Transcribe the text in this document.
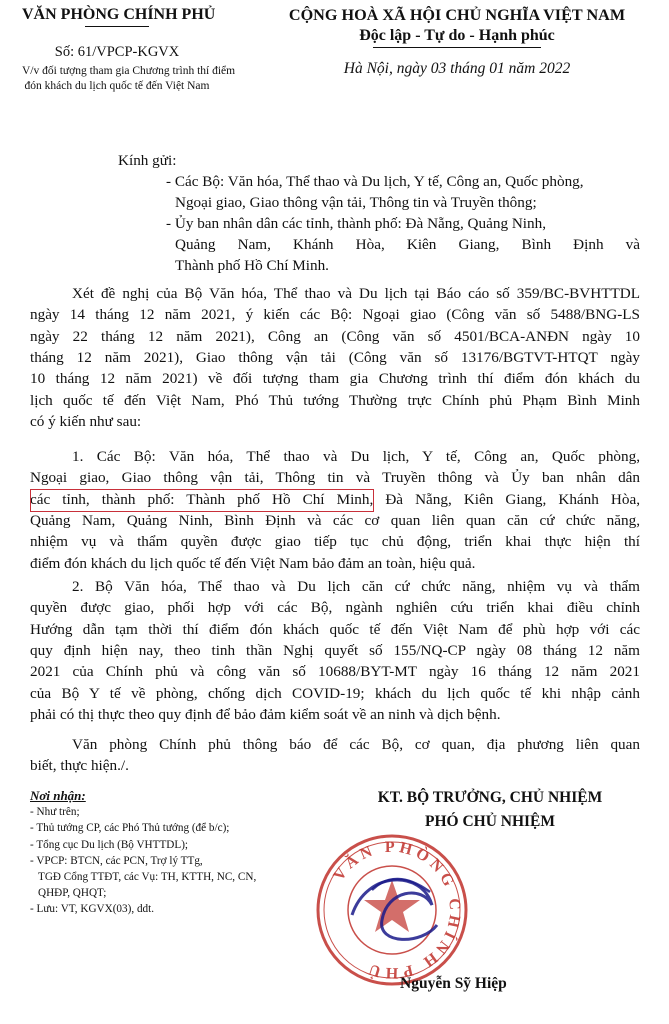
VĂN PHÒNG CHÍNH PHỦ
Số: 61/VPCP-KGVX
V/v đối tượng tham gia Chương trình thí điểm
đón khách du lịch quốc tế đến Việt Nam
CỘNG HOÀ XÃ HỘI CHỦ NGHĨA VIỆT NAM
Độc lập - Tự do - Hạnh phúc
Hà Nội, ngày 03 tháng 01 năm 2022
Kính gửi:
- Các Bộ: Văn hóa, Thể thao và Du lịch, Y tế, Công an, Quốc phòng,
Ngoại giao, Giao thông vận tải, Thông tin và Truyền thông;
- Ủy ban nhân dân các tỉnh, thành phố: Đà Nẵng, Quảng Ninh,
Quảng Nam, Khánh Hòa, Kiên Giang, Bình Định và
Thành phố Hồ Chí Minh.
Xét đề nghị của Bộ Văn hóa, Thể thao và Du lịch tại Báo cáo số 359/BC-BVHTTDL
ngày 14 tháng 12 năm 2021, ý kiến các Bộ: Ngoại giao (Công văn số 5488/BNG-LS
ngày 22 tháng 12 năm 2021), Công an (Công văn số 4501/BCA-ANĐN ngày 10
tháng 12 năm 2021), Giao thông vận tải (Công văn số 13176/BGTVT-HTQT ngày
10 tháng 12 năm 2021) về đối tượng tham gia Chương trình thí điểm đón khách du
lịch quốc tế đến Việt Nam, Phó Thủ tướng Thường trực Chính phủ Phạm Bình Minh
có ý kiến như sau:
1. Các Bộ: Văn hóa, Thể thao và Du lịch, Y tế, Công an, Quốc phòng,
Ngoại giao, Giao thông vận tải, Thông tin và Truyền thông và Ủy ban nhân dân
các tỉnh, thành phố: Thành phố Hồ Chí Minh, Đà Nẵng, Kiên Giang, Khánh Hòa,
Quảng Nam, Quảng Ninh, Bình Định và các cơ quan liên quan căn cứ chức năng,
nhiệm vụ và thẩm quyền được giao tiếp tục chủ động, triển khai thực hiện thí
điểm đón khách du lịch quốc tế đến Việt Nam bảo đảm an toàn, hiệu quả.
2. Bộ Văn hóa, Thể thao và Du lịch căn cứ chức năng, nhiệm vụ và thẩm
quyền được giao, phối hợp với các Bộ, ngành nghiên cứu triển khai điều chỉnh
Hướng dẫn tạm thời thí điểm đón khách quốc tế đến Việt Nam để phù hợp với các
quy định hiện nay, theo tinh thần Nghị quyết số 155/NQ-CP ngày 08 tháng 12 năm
2021 của Chính phủ và công văn số 10688/BYT-MT ngày 16 tháng 12 năm 2021
của Bộ Y tế về phòng, chống dịch COVID-19; khách du lịch quốc tế khi nhập cảnh
phải có thị thực theo quy định để bảo đảm kiểm soát về an ninh và dịch bệnh.
Văn phòng Chính phủ thông báo để các Bộ, cơ quan, địa phương liên quan
biết, thực hiện./.
Nơi nhận:
- Như trên;
- Thủ tướng CP, các Phó Thủ tướng (để b/c);
- Tổng cục Du lịch (Bộ VHTTDL);
- VPCP: BTCN, các PCN, Trợ lý TTg,
TGĐ Cổng TTĐT, các Vụ: TH, KTTH, NC, CN,
QHĐP, QHQT;
- Lưu: VT, KGVX(03), ddt.
KT. BỘ TRƯỞNG, CHỦ NHIỆM
PHÓ CHỦ NHIỆM
VĂN PHÒNG CHÍNH PHỦ
Nguyễn Sỹ Hiệp
